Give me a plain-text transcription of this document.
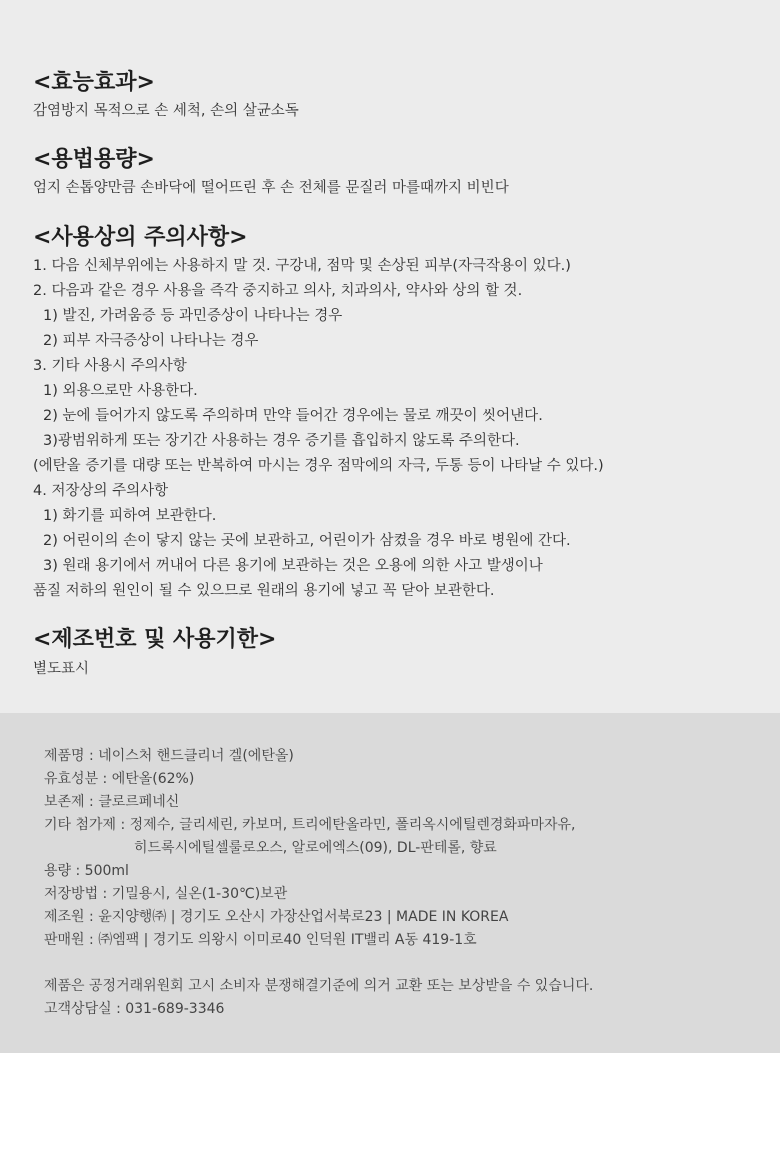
<효능효과>

감염방지 목적으로 손 세척, 손의 살균소독

<용법용량>

엄지 손톱양만큼 손바닥에 떨어뜨린 후 손 전체를 문질러 마를때까지 비빈다

<사용상의 주의사항>

1. 다음 신체부위에는 사용하지 말 것. 구강내, 점막 및 손상된 피부(자극작용이 있다.)

2. 다음과 같은 경우 사용을 즉각 중지하고 의사, 치과의사, 약사와 상의 할 것.

1) 발진, 가려움증 등 과민증상이 나타나는 경우

2) 피부 자극증상이 나타나는 경우

3. 기타 사용시 주의사항

1) 외용으로만 사용한다.

2) 눈에 들어가지 않도록 주의하며 만약 들어간 경우에는 물로 깨끗이 씻어낸다.

3)광범위하게 또는 장기간 사용하는 경우 증기를 흡입하지 않도록 주의한다.

(에탄올 증기를 대량 또는 반복하여 마시는 경우 점막에의 자극, 두통 등이 나타날 수 있다.)

4. 저장상의 주의사항

1) 화기를 피하여 보관한다.

2) 어린이의 손이 닿지 않는 곳에 보관하고, 어린이가 삼켰을 경우 바로 병원에 간다.

3) 원래 용기에서 꺼내어 다른 용기에 보관하는 것은 오용에 의한 사고 발생이나

품질 저하의 원인이 될 수 있으므로 원래의 용기에 넣고 꼭 닫아 보관한다.

<제조번호 및 사용기한>

별도표시

제품명 : 네이스처 핸드클리너 겔(에탄올)

유효성분 : 에탄올(62%)

보존제 : 클로르페네신

기타 첨가제 : 정제수, 글리세린, 카보머, 트리에탄올라민, 폴리옥시에틸렌경화파마자유,

히드록시에틸셀룰로오스, 알로에엑스(09), DL-판테롤, 향료

용량 : 500ml

저장방법 : 기밀용시, 실온(1-30℃)보관

제조원 : 윤지양행㈜ | 경기도 오산시 가장산업서북로23 | MADE IN KOREA

판매원 : ㈜엠팩 | 경기도 의왕시 이미로40 인덕원 IT밸리 A동 419-1호

제품은 공정거래위원회 고시 소비자 분쟁해결기준에 의거 교환 또는 보상받을 수 있습니다.

고객상담실 : 031-689-3346
